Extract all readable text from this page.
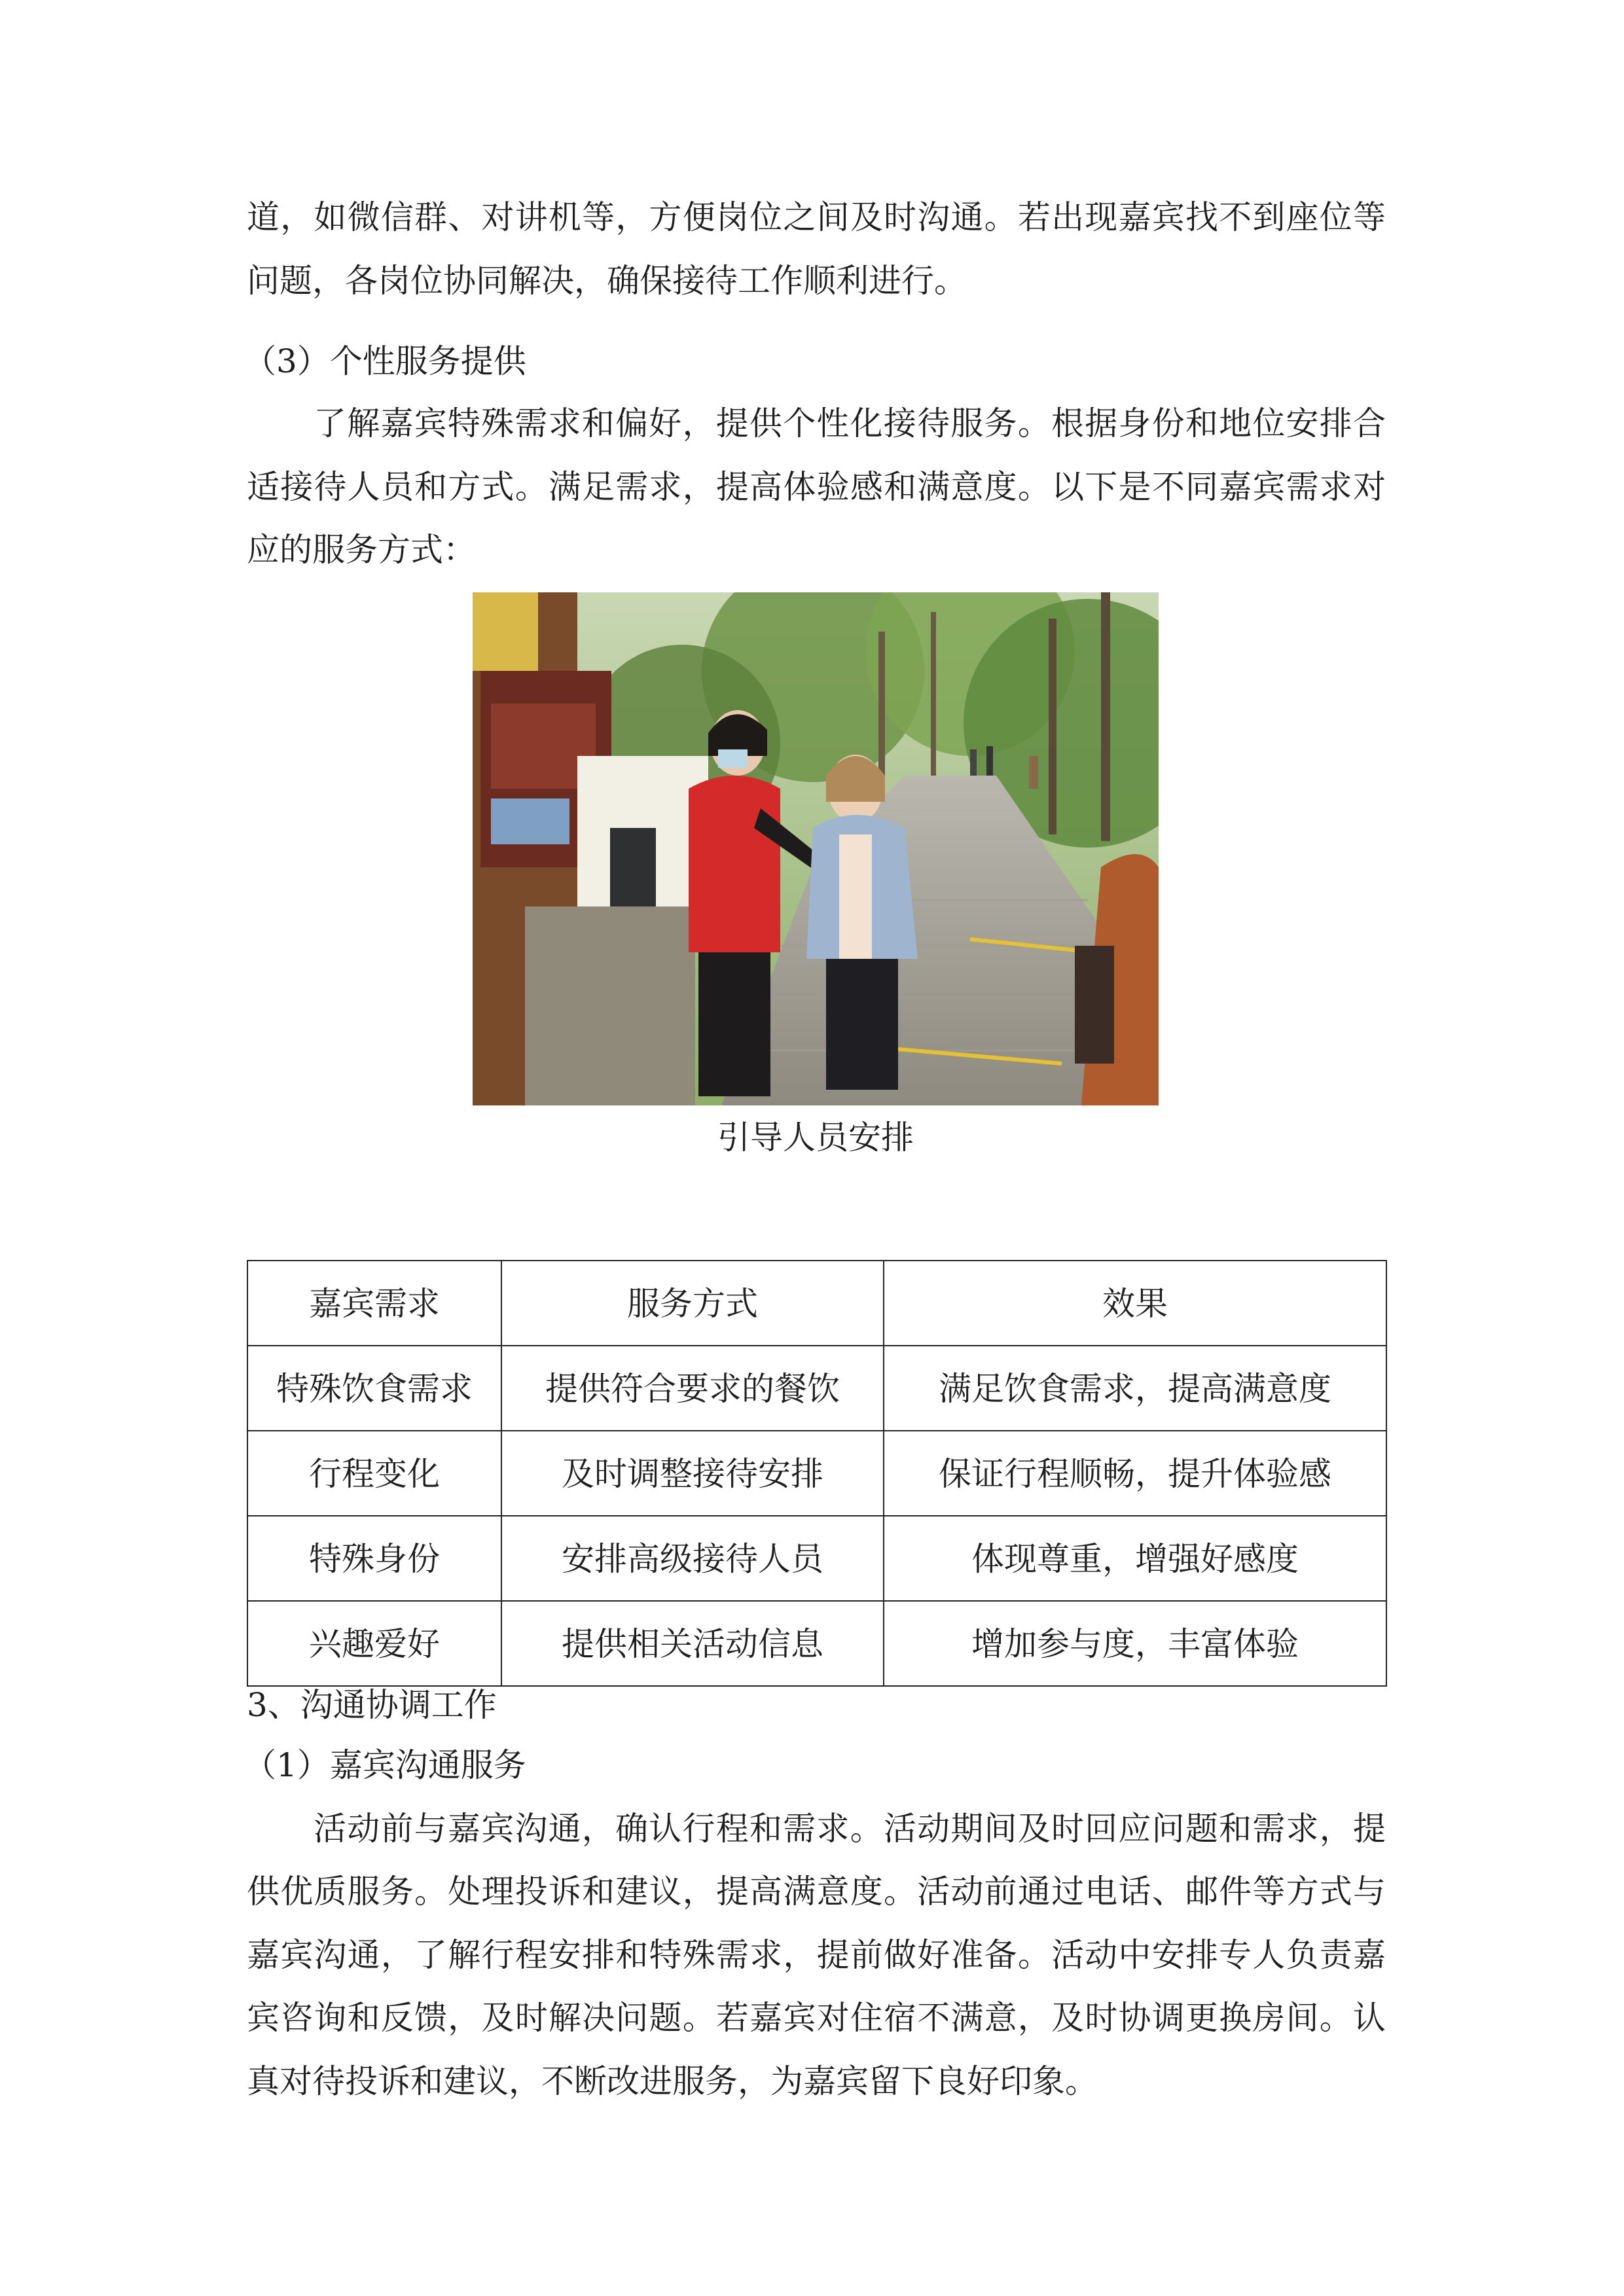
道，如微信群、对讲机等，方便岗位之间及时沟通。若出现嘉宾找不到座位等

问题，各岗位协同解决，确保接待工作顺利进行。

（3）个性服务提供

了解嘉宾特殊需求和偏好，提供个性化接待服务。根据身份和地位安排合

适接待人员和方式。满足需求，提高体验感和满意度。以下是不同嘉宾需求对

应的服务方式：

引导人员安排
嘉宾需求	服务方式	效果
特殊饮食需求	提供符合要求的餐饮	满足饮食需求，提高满意度
行程变化	及时调整接待安排	保证行程顺畅，提升体验感
特殊身份	安排高级接待人员	体现尊重，增强好感度
兴趣爱好	提供相关活动信息	增加参与度，丰富体验

3、沟通协调工作

（1）嘉宾沟通服务

活动前与嘉宾沟通，确认行程和需求。活动期间及时回应问题和需求，提

供优质服务。处理投诉和建议，提高满意度。活动前通过电话、邮件等方式与

嘉宾沟通，了解行程安排和特殊需求，提前做好准备。活动中安排专人负责嘉

宾咨询和反馈，及时解决问题。若嘉宾对住宿不满意，及时协调更换房间。认

真对待投诉和建议，不断改进服务，为嘉宾留下良好印象。
